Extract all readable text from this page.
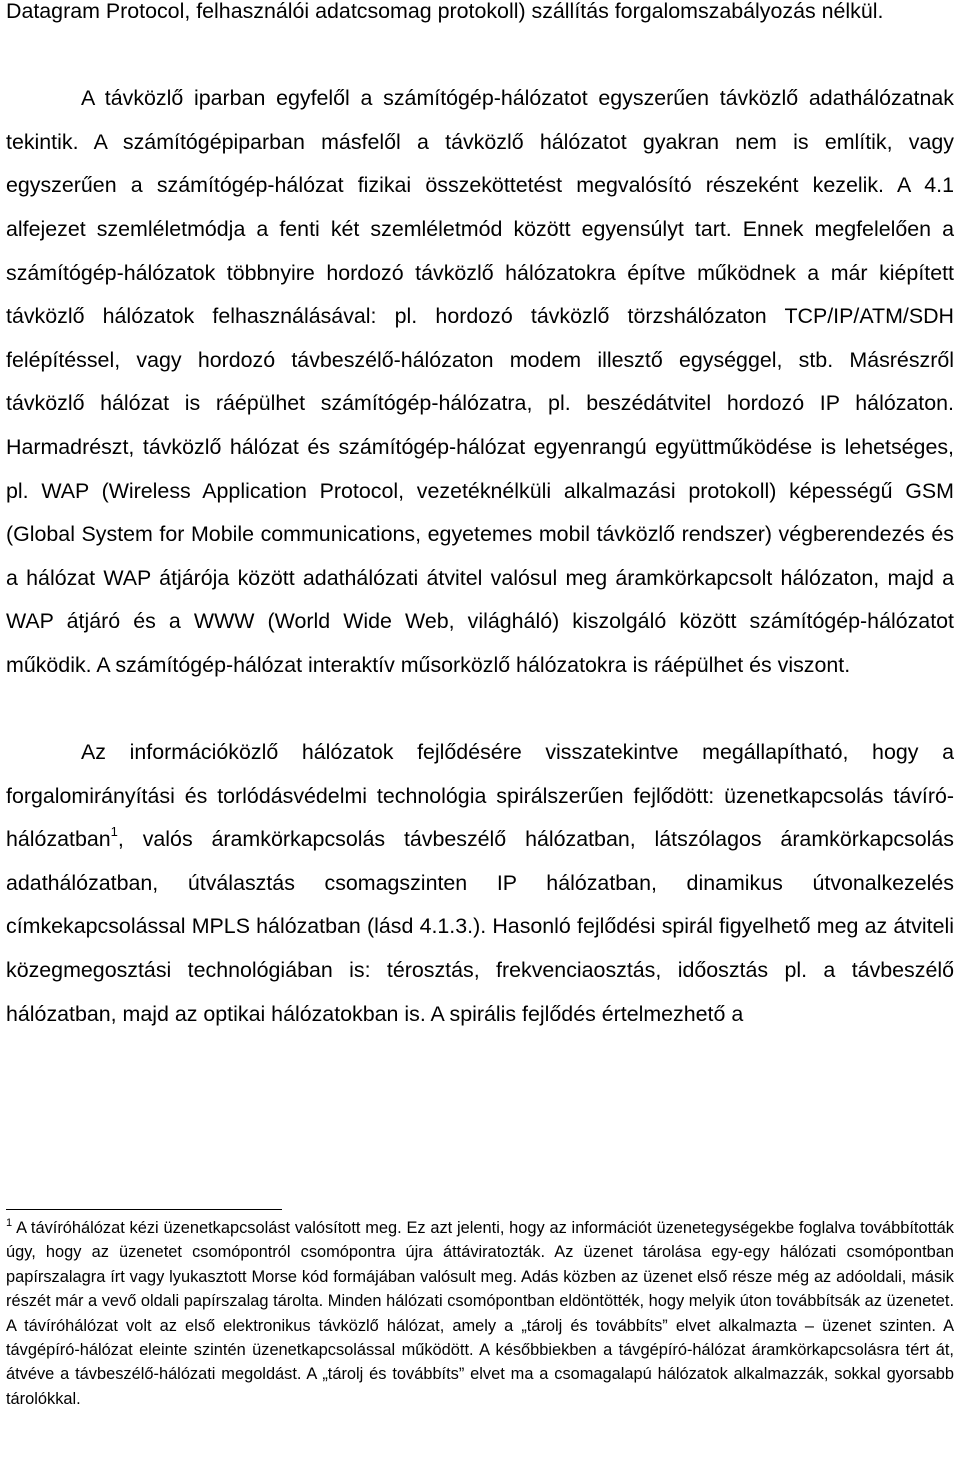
Datagram Protocol, felhasználói adatcsomag protokoll) szállítás forgalomszabályozás nélkül.

A távközlő iparban egyfelől a számítógép-hálózatot egyszerűen távközlő adathálózatnak tekintik. A számítógépiparban másfelől a távközlő hálózatot gyakran nem is említik, vagy egyszerűen a számítógép-hálózat fizikai összeköttetést megvalósító részeként kezelik. A 4.1 alfejezet szemléletmódja a fenti két szemléletmód között egyensúlyt tart. Ennek megfelelően a számítógép-hálózatok többnyire hordozó távközlő hálózatokra építve működnek a már kiépített távközlő hálózatok felhasználásával: pl. hordozó távközlő törzshálózaton TCP/IP/ATM/SDH felépítéssel, vagy hordozó távbeszélő-hálózaton modem illesztő egységgel, stb. Másrészről távközlő hálózat is ráépülhet számítógép-hálózatra, pl. beszédátvitel hordozó IP hálózaton. Harmadrészt, távközlő hálózat és számítógép-hálózat egyenrangú együttműködése is lehetséges, pl. WAP (Wireless Application Protocol, vezetéknélküli alkalmazási protokoll) képességű GSM (Global System for Mobile communications, egyetemes mobil távközlő rendszer) végberendezés és a hálózat WAP átjárója között adathálózati átvitel valósul meg áramkörkapcsolt hálózaton, majd a WAP átjáró és a WWW (World Wide Web, világháló) kiszolgáló között számítógép-hálózatot működik. A számítógép-hálózat interaktív műsorközlő hálózatokra is ráépülhet és viszont.

Az információközlő hálózatok fejlődésére visszatekintve megállapítható, hogy a forgalomirányítási és torlódásvédelmi technológia spirálszerűen fejlődött: üzenetkapcsolás távíró-hálózatban$^1$, valós áramkörkapcsolás távbeszélő hálózatban, látszólagos áramkörkapcsolás adathálózatban, útválasztás csomagszinten IP hálózatban, dinamikus útvonalkezelés címkekapcsolással MPLS hálózatban (lásd 4.1.3.). Hasonló fejlődési spirál figyelhető meg az átviteli közegmegosztási technológiában is: térosztás, frekvenciaosztás, időosztás pl. a távbeszélő hálózatban, majd az optikai hálózatokban is. A spirális fejlődés értelmezhető a

$^1$ A távíróhálózat kézi üzenetkapcsolást valósított meg. Ez azt jelenti, hogy az információt üzenetegységekbe foglalva továbbították úgy, hogy az üzenetet csomópontról csomópontra újra áttáviratozták. Az üzenet tárolása egy-egy hálózati csomópontban papírszalagra írt vagy lyukasztott Morse kód formájában valósult meg. Adás közben az üzenet első része még az adóoldali, másik részét már a vevő oldali papírszalag tárolta. Minden hálózati csomópontban eldöntötték, hogy melyik úton továbbítsák az üzenetet. A távíróhálózat volt az első elektronikus távközlő hálózat, amely a „tárolj és továbbíts” elvet alkalmazta – üzenet szinten. A távgépíró-hálózat eleinte szintén üzenetkapcsolással működött. A későbbiekben a távgépíró-hálózat áramkörkapcsolásra tért át, átvéve a távbeszélő-hálózati megoldást. A „tárolj és továbbíts” elvet ma a csomagalapú hálózatok alkalmazzák, sokkal gyorsabb tárolókkal.
